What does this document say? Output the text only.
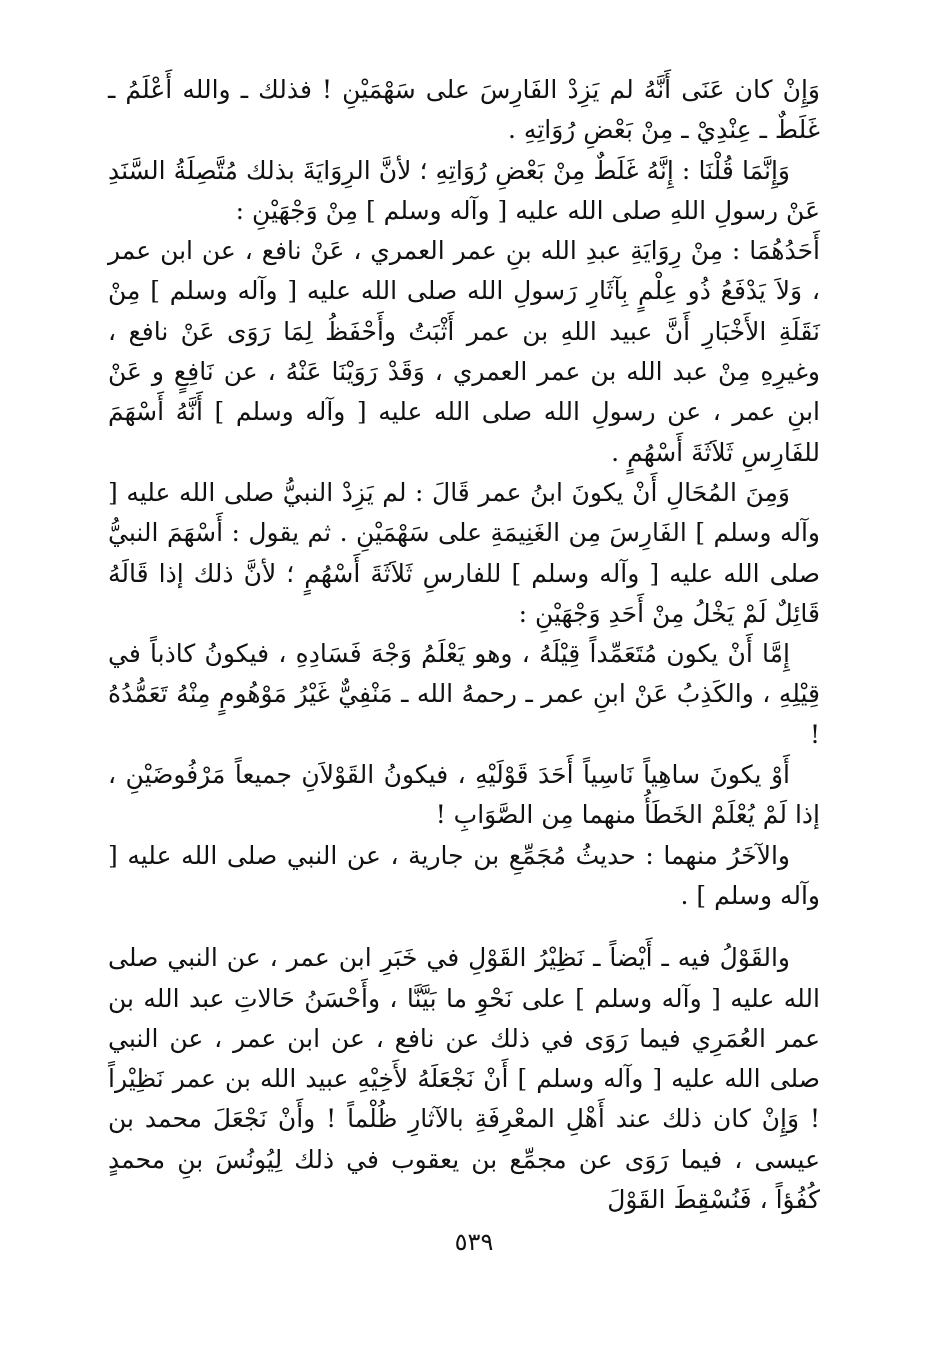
وَإِنْ كان عَنَى أَنَّهُ لم يَزِدْ الفَارِسَ على سَهْمَيْنِ ! فذلك ـ والله أَعْلَمُ ـ غَلَطٌ ـ عِنْدِيْ ـ مِنْ بَعْضِ رُوَاتِهِ .

وَإِنَّمَا قُلْنَا : إِنَّهُ غَلَطٌ مِنْ بَعْضِ رُوَاتِهِ ؛ لأنَّ الرِوَايَةَ بذلك مُتَّصِلَةُ السَّنَدِ عَنْ رسولِ اللهِ صلى الله عليه [ وآله وسلم ] مِنْ وَجْهَيْنِ :

أَحَدُهُمَا : مِنْ رِوَايَةِ عبدِ الله بنِ عمر العمري ، عَنْ نافع ، عن ابن عمر ، وَلاَ يَدْفَعُ ذُو عِلْمٍ بِآثَارِ رَسولِ الله صلى الله عليه [ وآله وسلم ] مِنْ نَقَلَةِ الأَخْبَارِ أَنَّ عبيد اللهِ بن عمر أَثْبَتُ وأَحْفَظُ لِمَا رَوَى عَنْ نافع ، وغيرِهِ مِنْ عبد الله بن عمر العمري ، وَقَدْ رَوَيْنَا عَنْهُ ، عن نَافِعٍ و عَنْ ابنِ عمر ، عن رسولِ الله صلى الله عليه [ وآله وسلم ] أَنَّهُ أَسْهَمَ للفَارِسِ ثَلاَثَةَ أَسْهُمٍ .

وَمِنَ المُحَالِ أَنْ يكونَ ابنُ عمر قَالَ : لم يَزِدْ النبيُّ صلى الله عليه [ وآله وسلم ] الفَارِسَ مِن الغَنِيمَةِ على سَهْمَيْنِ . ثم يقول : أَسْهَمَ النبيُّ صلى الله عليه [ وآله وسلم ] للفارسِ ثَلاَثَةَ أَسْهُمٍ ؛ لأنَّ ذلك إذا قَالَهُ قَائِلٌ لَمْ يَخْلُ مِنْ أَحَدِ وَجْهَيْنِ :

إِمَّا أَنْ يكون مُتَعَمِّداً قِيْلَهُ ، وهو يَعْلَمُ وَجْهَ فَسَادِهِ ، فيكونُ كاذباً في قِيْلِهِ ، والكَذِبُ عَنْ ابنِ عمر ـ رحمهُ الله ـ مَنْفِيٌّ غَيْرُ مَوْهُومٍ مِنْهُ تَعَمُّدُهُ !

أَوْ يكونَ ساهِياً نَاسِياً أَحَدَ قَوْلَيْهِ ، فيكونُ القَوْلاَنِ جميعاً مَرْفُوضَيْنِ ، إذا لَمْ يُعْلَمْ الخَطَأُ منهما مِن الصَّوَابِ !

والآخَرُ منهما : حديثُ مُجَمِّعِ بن جارية ، عن النبي صلى الله عليه [ وآله وسلم ] .

والقَوْلُ فيه ـ أَيْضاً ـ نَظِيْرُ القَوْلِ في خَبَرِ ابن عمر ، عن النبي صلى الله عليه [ وآله وسلم ] على نَحْوِ ما بَيَّنَّا ، وأَحْسَنُ حَالاتِ عبد الله بن عمر العُمَرِي فيما رَوَى في ذلك عن نافع ، عن ابن عمر ، عن النبي صلى الله عليه [ وآله وسلم ] أَنْ نَجْعَلَهُ لأَخِيْهِ عبيد الله بن عمر نَظِيْراً ! وَإِنْ كان ذلك عند أَهْلِ المعْرِفَةِ بالآثارِ ظُلْماً ! وأَنْ نَجْعَلَ محمد بن عيسى ، فيما رَوَى عن مجمِّع بن يعقوب في ذلك لِيُونُسَ بنِ محمدٍ كُفُؤاً ، فَنُسْقِطَ القَوْلَ

٥٣٩
